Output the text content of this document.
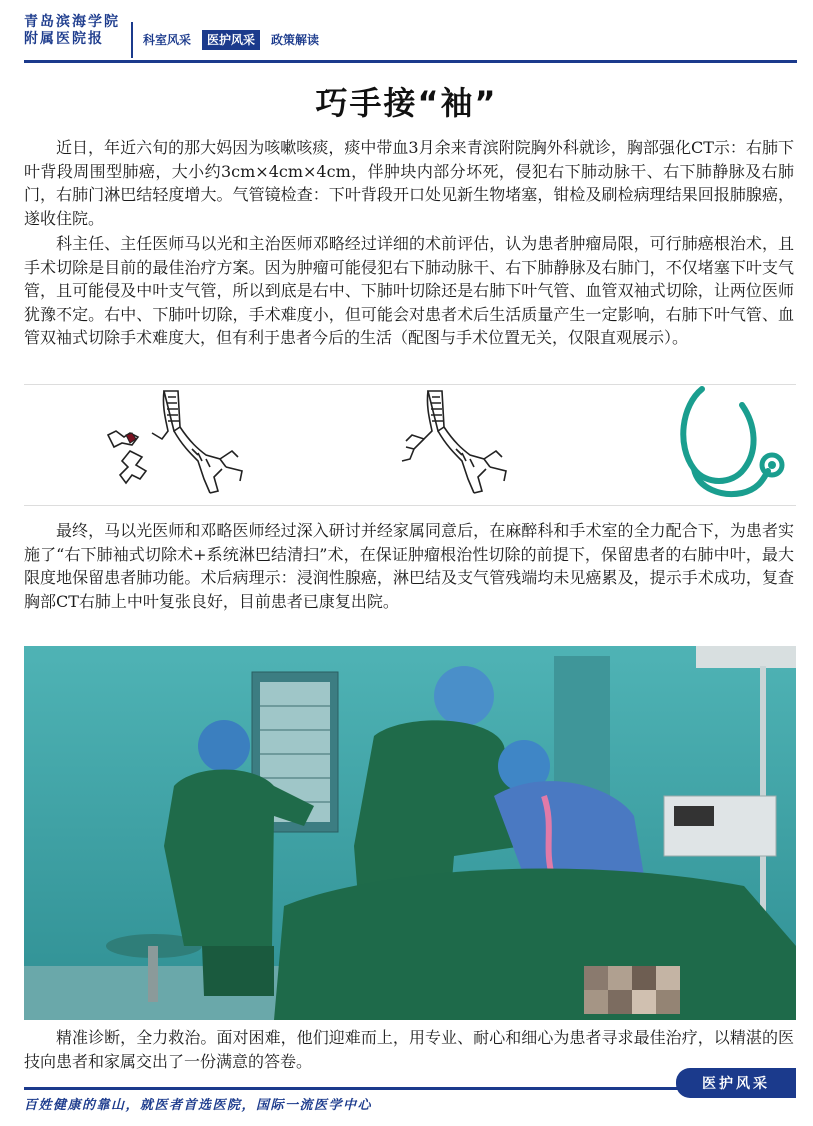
青岛滨海学院
附属医院报	科室风采	医护风采	政策解读
巧手接“袖”

近日，年近六旬的那大妈因为咳嗽咳痰，痰中带血3月余来青滨附院胸外科就诊，胸部强化CT示：右肺下叶背段周围型肺癌，大小约3cm×4cm×4cm，伴肿块内部分坏死，侵犯右下肺动脉干、右下肺静脉及右肺门，右肺门淋巴结轻度增大。气管镜检查：下叶背段开口处见新生物堵塞，钳检及刷检病理结果回报肺腺癌，遂收住院。

科主任、主任医师马以光和主治医师邓略经过详细的术前评估，认为患者肿瘤局限，可行肺癌根治术，且手术切除是目前的最佳治疗方案。因为肿瘤可能侵犯右下肺动脉干、右下肺静脉及右肺门，不仅堵塞下叶支气管，且可能侵及中叶支气管，所以到底是右中、下肺叶切除还是右肺下叶气管、血管双袖式切除，让两位医师犹豫不定。右中、下肺叶切除，手术难度小，但可能会对患者术后生活质量产生一定影响，右肺下叶气管、血管双袖式切除手术难度大，但有利于患者今后的生活（配图与手术位置无关，仅限直观展示）。

最终，马以光医师和邓略医师经过深入研讨并经家属同意后，在麻醉科和手术室的全力配合下，为患者实施了“右下肺袖式切除术+系统淋巴结清扫”术，在保证肿瘤根治性切除的前提下，保留患者的右肺中叶，最大限度地保留患者肺功能。术后病理示：浸润性腺癌，淋巴结及支气管残端均未见癌累及，提示手术成功，复查胸部CT右肺上中叶复张良好，目前患者已康复出院。

精准诊断，全力救治。面对困难，他们迎难而上，用专业、耐心和细心为患者寻求最佳治疗，以精湛的医技向患者和家属交出了一份满意的答卷。

医护风采
百姓健康的靠山，就医者首选医院，国际一流医学中心
